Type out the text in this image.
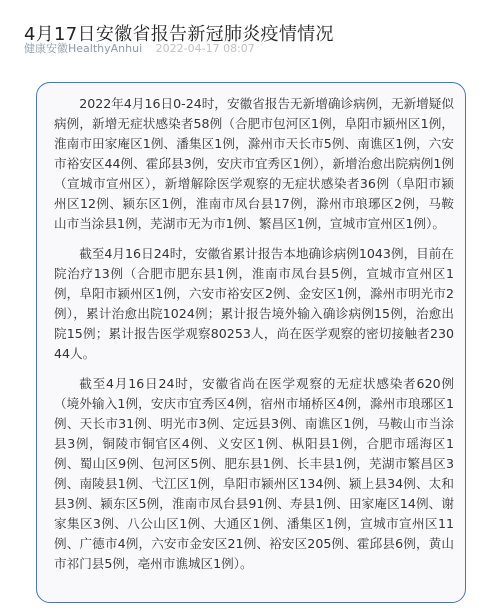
4月17日安徽省报告新冠肺炎疫情情况
健康安徽HealthyAnhui 2022-04-17 08:07

2022年4月16日0-24时，安徽省报告无新增确诊病例，无新增疑似病例，新增无症状感染者58例（合肥市包河区1例，阜阳市颍州区1例，淮南市田家庵区1例、潘集区1例，滁州市天长市5例、南谯区1例，六安市裕安区44例、霍邱县3例，安庆市宜秀区1例），新增治愈出院病例1例（宣城市宣州区），新增解除医学观察的无症状感染者36例（阜阳市颍州区12例、颍东区1例，淮南市凤台县17例，滁州市琅琊区2例，马鞍山市当涂县1例，芜湖市无为市1例、繁昌区1例，宣城市宣州区1例）。

截至4月16日24时，安徽省累计报告本地确诊病例1043例，目前在院治疗13例（合肥市肥东县1例，淮南市凤台县5例，宣城市宣州区1例，阜阳市颍州区1例，六安市裕安区2例、金安区1例，滁州市明光市2例），累计治愈出院1024例；累计报告境外输入确诊病例15例，治愈出院15例；累计报告医学观察80253人，尚在医学观察的密切接触者23044人。

截至4月16日24时，安徽省尚在医学观察的无症状感染者620例（境外输入1例，安庆市宜秀区4例，宿州市埇桥区4例，滁州市琅琊区1例、天长市31例、明光市3例、定远县3例、南谯区1例，马鞍山市当涂县3例，铜陵市铜官区4例、义安区1例、枞阳县1例，合肥市瑶海区1例、蜀山区9例、包河区5例、肥东县1例、长丰县1例，芜湖市繁昌区3例、南陵县1例、弋江区1例，阜阳市颍州区134例、颍上县34例、太和县3例、颍东区5例，淮南市凤台县91例、寿县1例、田家庵区14例、谢家集区3例、八公山区1例、大通区1例、潘集区1例，宣城市宣州区11例、广德市4例，六安市金安区21例、裕安区205例、霍邱县6例，黄山市祁门县5例，亳州市谯城区1例）。
